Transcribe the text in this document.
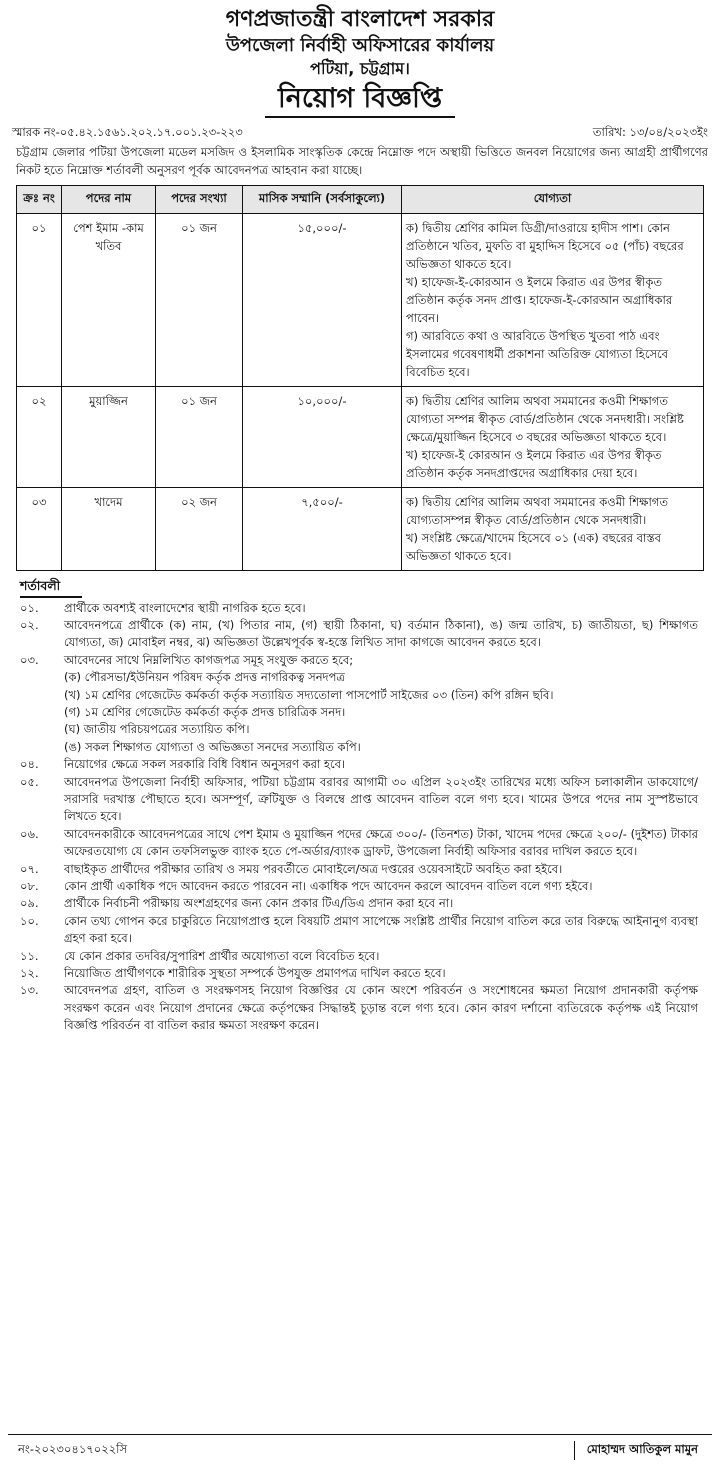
গণপ্রজাতন্ত্রী বাংলাদেশ সরকার
উপজেলা নির্বাহী অফিসারের কার্যালয়
পটিয়া, চট্টগ্রাম।
নিয়োগ বিজ্ঞপ্তি
স্মারক নং-০৫.৪২.১৫৬১.২০২.১৭.০০১.২৩-২২৩	তারিখ: ১৩/০৪/২০২৩ইং
চট্টগ্রাম জেলার পটিয়া উপজেলা মডেল মসজিদ ও ইসলামিক সাংস্কৃতিক কেন্দ্রে নিম্নোক্ত পদে অস্থায়ী ভিত্তিতে জনবল নিয়োগের জন্য আগ্রহী প্রার্থীগণের নিকট হতে নিম্নোক্ত শর্তাবলী অনুসরণ পূর্বক আবেদনপত্র আহবান করা যাচ্ছে।
ক্রঃ নং	পদের নাম	পদের সংখ্যা	মাসিক সম্মানি (সর্বসাকুল্যে)	যোগ্যতা
০১	পেশ ইমাম -কাম খতিব	০১ জন	১৫,০০০/-	ক) দ্বিতীয় শ্রেণির কামিল ডিগ্রী/দাওরায়ে হাদীস পাশ। কোন প্রতিষ্ঠানে খতিব, মুফতি বা মুহাদ্দিস হিসেবে ০৫ (পাঁচ) বছরের অভিজ্ঞতা থাকতে হবে।

খ) হাফেজ-ই-কোরআন ও ইলমে কিরাত এর উপর স্বীকৃত প্রতিষ্ঠান কর্তৃক সনদ প্রাপ্ত। হাফেজ-ই-কোরআন অগ্রাধিকার পাবেন।

গ) আরবিতে কথা ও আরবিতে উপস্থিত খুতবা পাঠ এবং ইসলামের গবেষণাধর্মী প্রকাশনা অতিরিক্ত যোগ্যতা হিসেবে বিবেচিত হবে।

০২	মুয়াজ্জিন	০১ জন	১০,০০০/-	ক) দ্বিতীয় শ্রেণির আলিম অথবা সমমানের কওমী শিক্ষাগত যোগ্যতা সম্পন্ন স্বীকৃত বোর্ড/প্রতিষ্ঠান থেকে সনদধারী। সংশ্লিষ্ট ক্ষেত্রে/মুয়াজ্জিন হিসেবে ৩ বছরের অভিজ্ঞতা থাকতে হবে।

খ) হাফেজ-ই কোরআন ও ইলমে কিরাত এর উপর স্বীকৃত প্রতিষ্ঠান কর্তৃক সনদপ্রাপ্তদের অগ্রাধিকার দেয়া হবে।

০৩	খাদেম	০২ জন	৭,৫০০/-	ক) দ্বিতীয় শ্রেণির আলিম অথবা সমমানের কওমী শিক্ষাগত যোগ্যতাসম্পন্ন স্বীকৃত বোর্ড/প্রতিষ্ঠান থেকে সনদধারী।

খ) সংশ্লিষ্ট ক্ষেত্রে/খাদেম হিসেবে ০১ (এক) বছরের বাস্তব অভিজ্ঞতা থাকতে হবে।

শর্তাবলী
০১.	প্রার্থীকে অবশ্যই বাংলাদেশের স্থায়ী নাগরিক হতে হবে।
০২.	আবেদনপত্রে প্রার্থীকে (ক) নাম, (খ) পিতার নাম, (গ) স্থায়ী ঠিকানা, ঘ) বর্তমান ঠিকানা), ঙ) জন্ম তারিখ, চ) জাতীয়তা, ছ) শিক্ষাগত যোগ্যতা, জ) মোবাইল নম্বর, ঝ) অভিজ্ঞতা উল্লেখপূর্বক স্ব-হস্তে লিখিত সাদা কাগজে আবেদন করতে হবে।
০৩.	আবেদনের সাথে নিম্নলিখিত কাগজপত্র সমূহ সংযুক্ত করতে হবে;
(ক) পৌরসভা/ইউনিয়ন পরিষদ কর্তৃক প্রদত্ত নাগরিকত্ব সনদপত্র
(খ) ১ম শ্রেণির গেজেটেড কর্মকর্তা কর্তৃক সত্যায়িত সদ্যতোলা পাসপোর্ট সাইজের ০৩ (তিন) কপি রঙ্গিন ছবি।
(গ) ১ম শ্রেণির গেজেটেড কর্মকর্তা কর্তৃক প্রদত্ত চারিত্রিক সনদ।
(ঘ) জাতীয় পরিচয়পত্রের সত্যায়িত কপি।
(ঙ) সকল শিক্ষাগত যোগ্যতা ও অভিজ্ঞতা সনদের সত্যায়িত কপি।
০৪.	নিয়োগের ক্ষেত্রে সকল সরকারি বিধি বিধান অনুসরণ করা হবে।
০৫.	আবেদনপত্র উপজেলা নির্বাহী অফিসার, পটিয়া চট্টগ্রাম বরাবর আগামী ৩০ এপ্রিল ২০২৩ইং তারিখের মধ্যে অফিস চলাকালীন ডাকযোগে/সরাসরি দরখাস্ত পৌছাতে হবে। অসম্পূর্ণ, ত্রুটিযুক্ত ও বিলম্বে প্রাপ্ত আবেদন বাতিল বলে গণ্য হবে। খামের উপরে পদের নাম সুস্পষ্টভাবে লিখতে হবে।
০৬.	আবেদনকারীকে আবেদনপত্রের সাথে পেশ ইমাম ও মুয়াজ্জিন পদের ক্ষেত্রে ৩০০/- (তিনশত) টাকা, খাদেম পদের ক্ষেত্রে ২০০/- (দুইশত) টাকার অফেরতযোগ্য যে কোন তফসিলভুক্ত ব্যাংক হতে পে-অর্ডার/ব্যাংক ড্রাফট, উপজেলা নির্বাহী অফিসার বরাবর দাখিল করতে হবে।
০৭.	বাছাইকৃত প্রার্থীদের পরীক্ষার তারিখ ও সময় পরবর্তীতে মোবাইলে/অত্র দপ্তরের ওয়েবসাইটে অবহিত করা হইবে।
০৮.	কোন প্রার্থী একাধিক পদে আবেদন করতে পারবেন না। একাধিক পদে আবেদন করলে আবেদন বাতিল বলে গণ্য হইবে।
০৯.	প্রার্থীকে নির্বাচনী পরীক্ষায় অংশগ্রহণের জন্য কোন প্রকার টিএ/ডিএ প্রদান করা হবে না।
১০.	কোন তথ্য গোপন করে চাকুরিতে নিয়োগপ্রাপ্ত হলে বিষয়টি প্রমাণ সাপেক্ষে সংশ্লিষ্ট প্রার্থীর নিয়োগ বাতিল করে তার বিরুদ্ধে আইনানুগ ব্যবস্থা গ্রহণ করা হবে।
১১.	যে কোন প্রকার তদবির/সুপারিশ প্রার্থীর অযোগ্যতা বলে বিবেচিত হবে।
১২.	নিয়োজিত প্রার্থীগণকে শারীরিক সুস্থতা সম্পর্কে উপযুক্ত প্রমাণপত্র দাখিল করতে হবে।
১৩.	আবেদনপত্র গ্রহণ, বাতিল ও সংরক্ষণসহ নিয়োগ বিজ্ঞপ্তির যে কোন অংশে পরিবর্তন ও সংশোধনের ক্ষমতা নিয়োগ প্রদানকারী কর্তৃপক্ষ সংরক্ষণ করেন এবং নিয়োগ প্রদানের ক্ষেত্রে কর্তৃপক্ষের সিদ্ধান্তই চূড়ান্ত বলে গণ্য হবে। কোন কারণ দর্শানো ব্যতিরেকে কর্তৃপক্ষ এই নিয়োগ বিজ্ঞপ্তি পরিবর্তন বা বাতিল করার ক্ষমতা সংরক্ষণ করেন।
নং-২০২৩০৪১৭০২২সি	মোহাম্মদ আতিকুল মামুন
